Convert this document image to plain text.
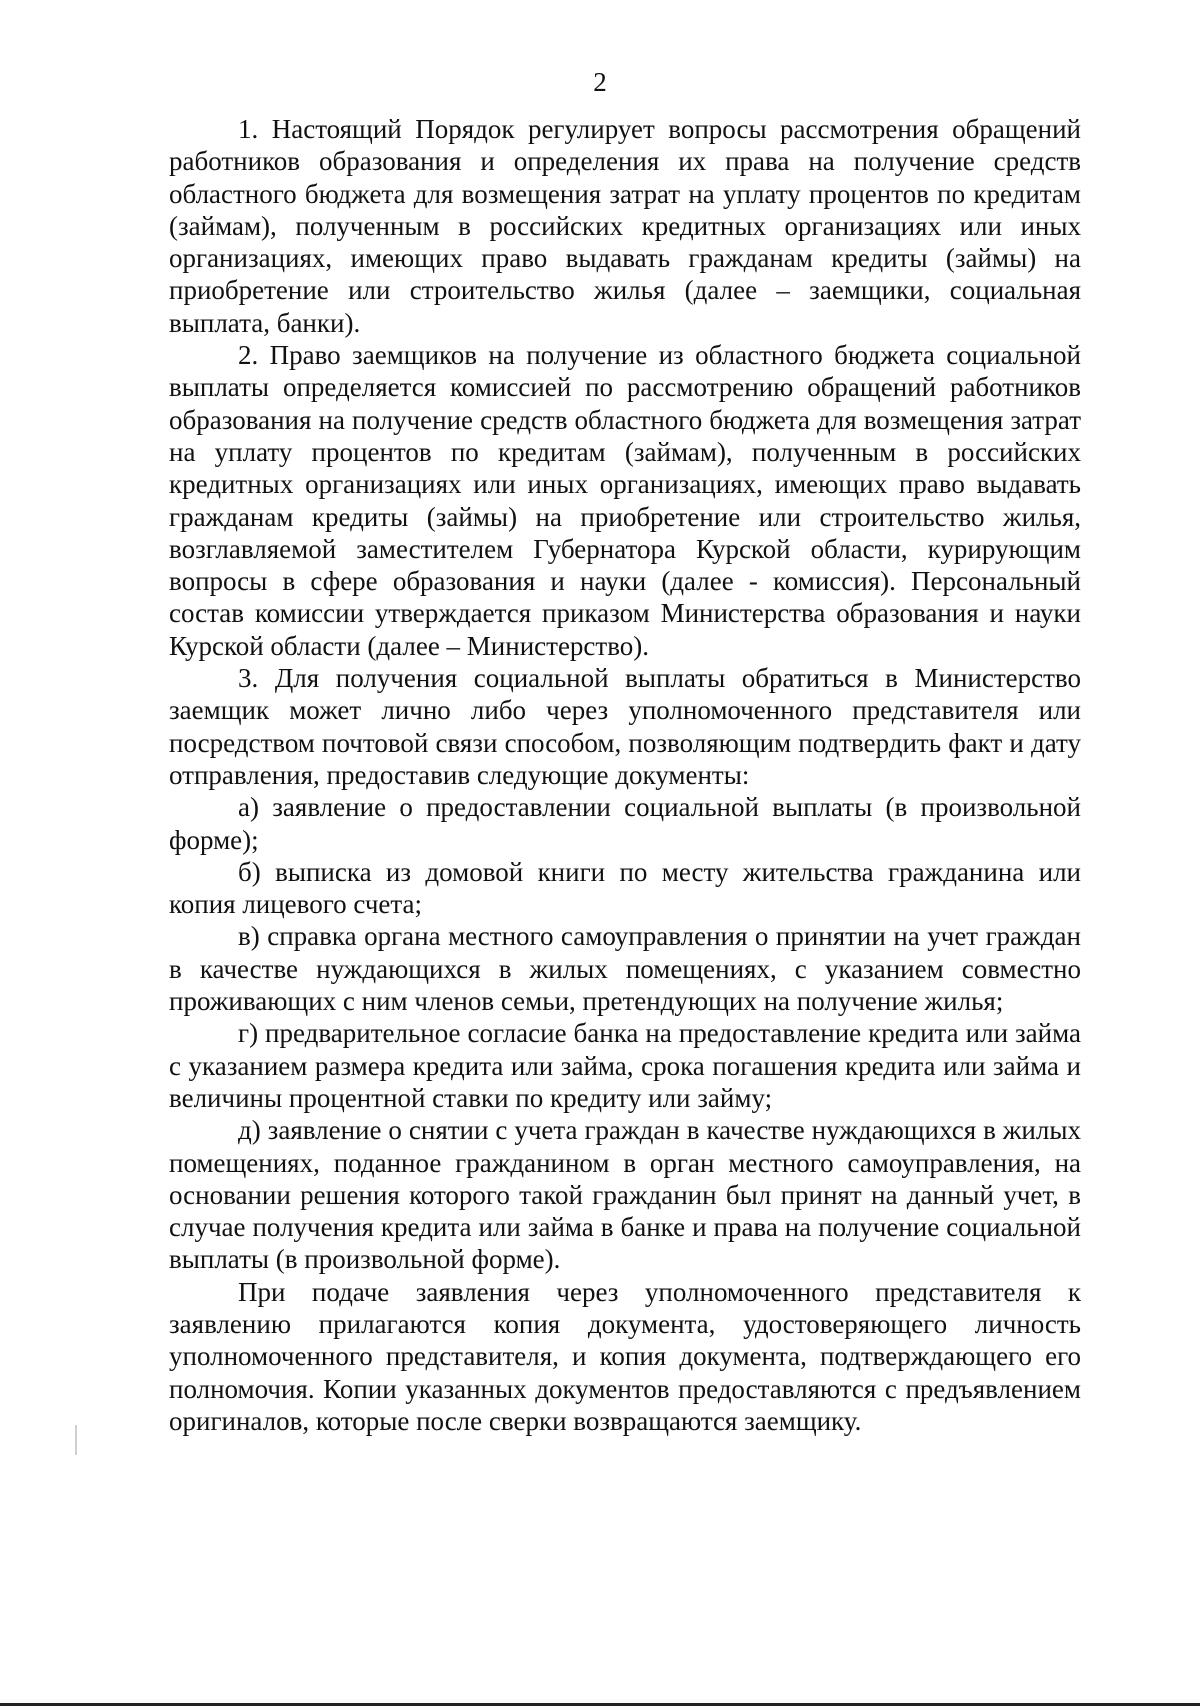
2

1. Настоящий Порядок регулирует вопросы рассмотрения обращений работников образования и определения их права на получение средств областного бюджета для возмещения затрат на уплату процентов по кредитам (займам), полученным в российских кредитных организациях или иных организациях, имеющих право выдавать гражданам кредиты (займы) на приобретение или строительство жилья (далее – заемщики, социальная выплата, банки).

2. Право заемщиков на получение из областного бюджета социальной выплаты определяется комиссией по рассмотрению обращений работников образования на получение средств областного бюджета для возмещения затрат на уплату процентов по кредитам (займам), полученным в российских кредитных организациях или иных организациях, имеющих право выдавать гражданам кредиты (займы) на приобретение или строительство жилья, возглавляемой заместителем Губернатора Курской области, курирующим вопросы в сфере образования и науки (далее - комиссия). Персональный состав комиссии утверждается приказом Министерства образования и науки Курской области (далее – Министерство).

3. Для получения социальной выплаты обратиться в Министерство заемщик может лично либо через уполномоченного представителя или посредством почтовой связи способом, позволяющим подтвердить факт и дату отправления, предоставив следующие документы:

а) заявление о предоставлении социальной выплаты (в произвольной форме);

б) выписка из домовой книги по месту жительства гражданина или копия лицевого счета;

в) справка органа местного самоуправления о принятии на учет граждан в качестве нуждающихся в жилых помещениях, с указанием совместно проживающих с ним членов семьи, претендующих на получение жилья;

г) предварительное согласие банка на предоставление кредита или займа с указанием размера кредита или займа, срока погашения кредита или займа и величины процентной ставки по кредиту или займу;

д) заявление о снятии с учета граждан в качестве нуждающихся в жилых помещениях, поданное гражданином в орган местного самоуправления, на основании решения которого такой гражданин был принят на данный учет, в случае получения кредита или займа в банке и права на получение социальной выплаты (в произвольной форме).

При подаче заявления через уполномоченного представителя к заявлению прилагаются копия документа, удостоверяющего личность уполномоченного представителя, и копия документа, подтверждающего его полномочия. Копии указанных документов предоставляются с предъявлением оригиналов, которые после сверки возвращаются заемщику.
